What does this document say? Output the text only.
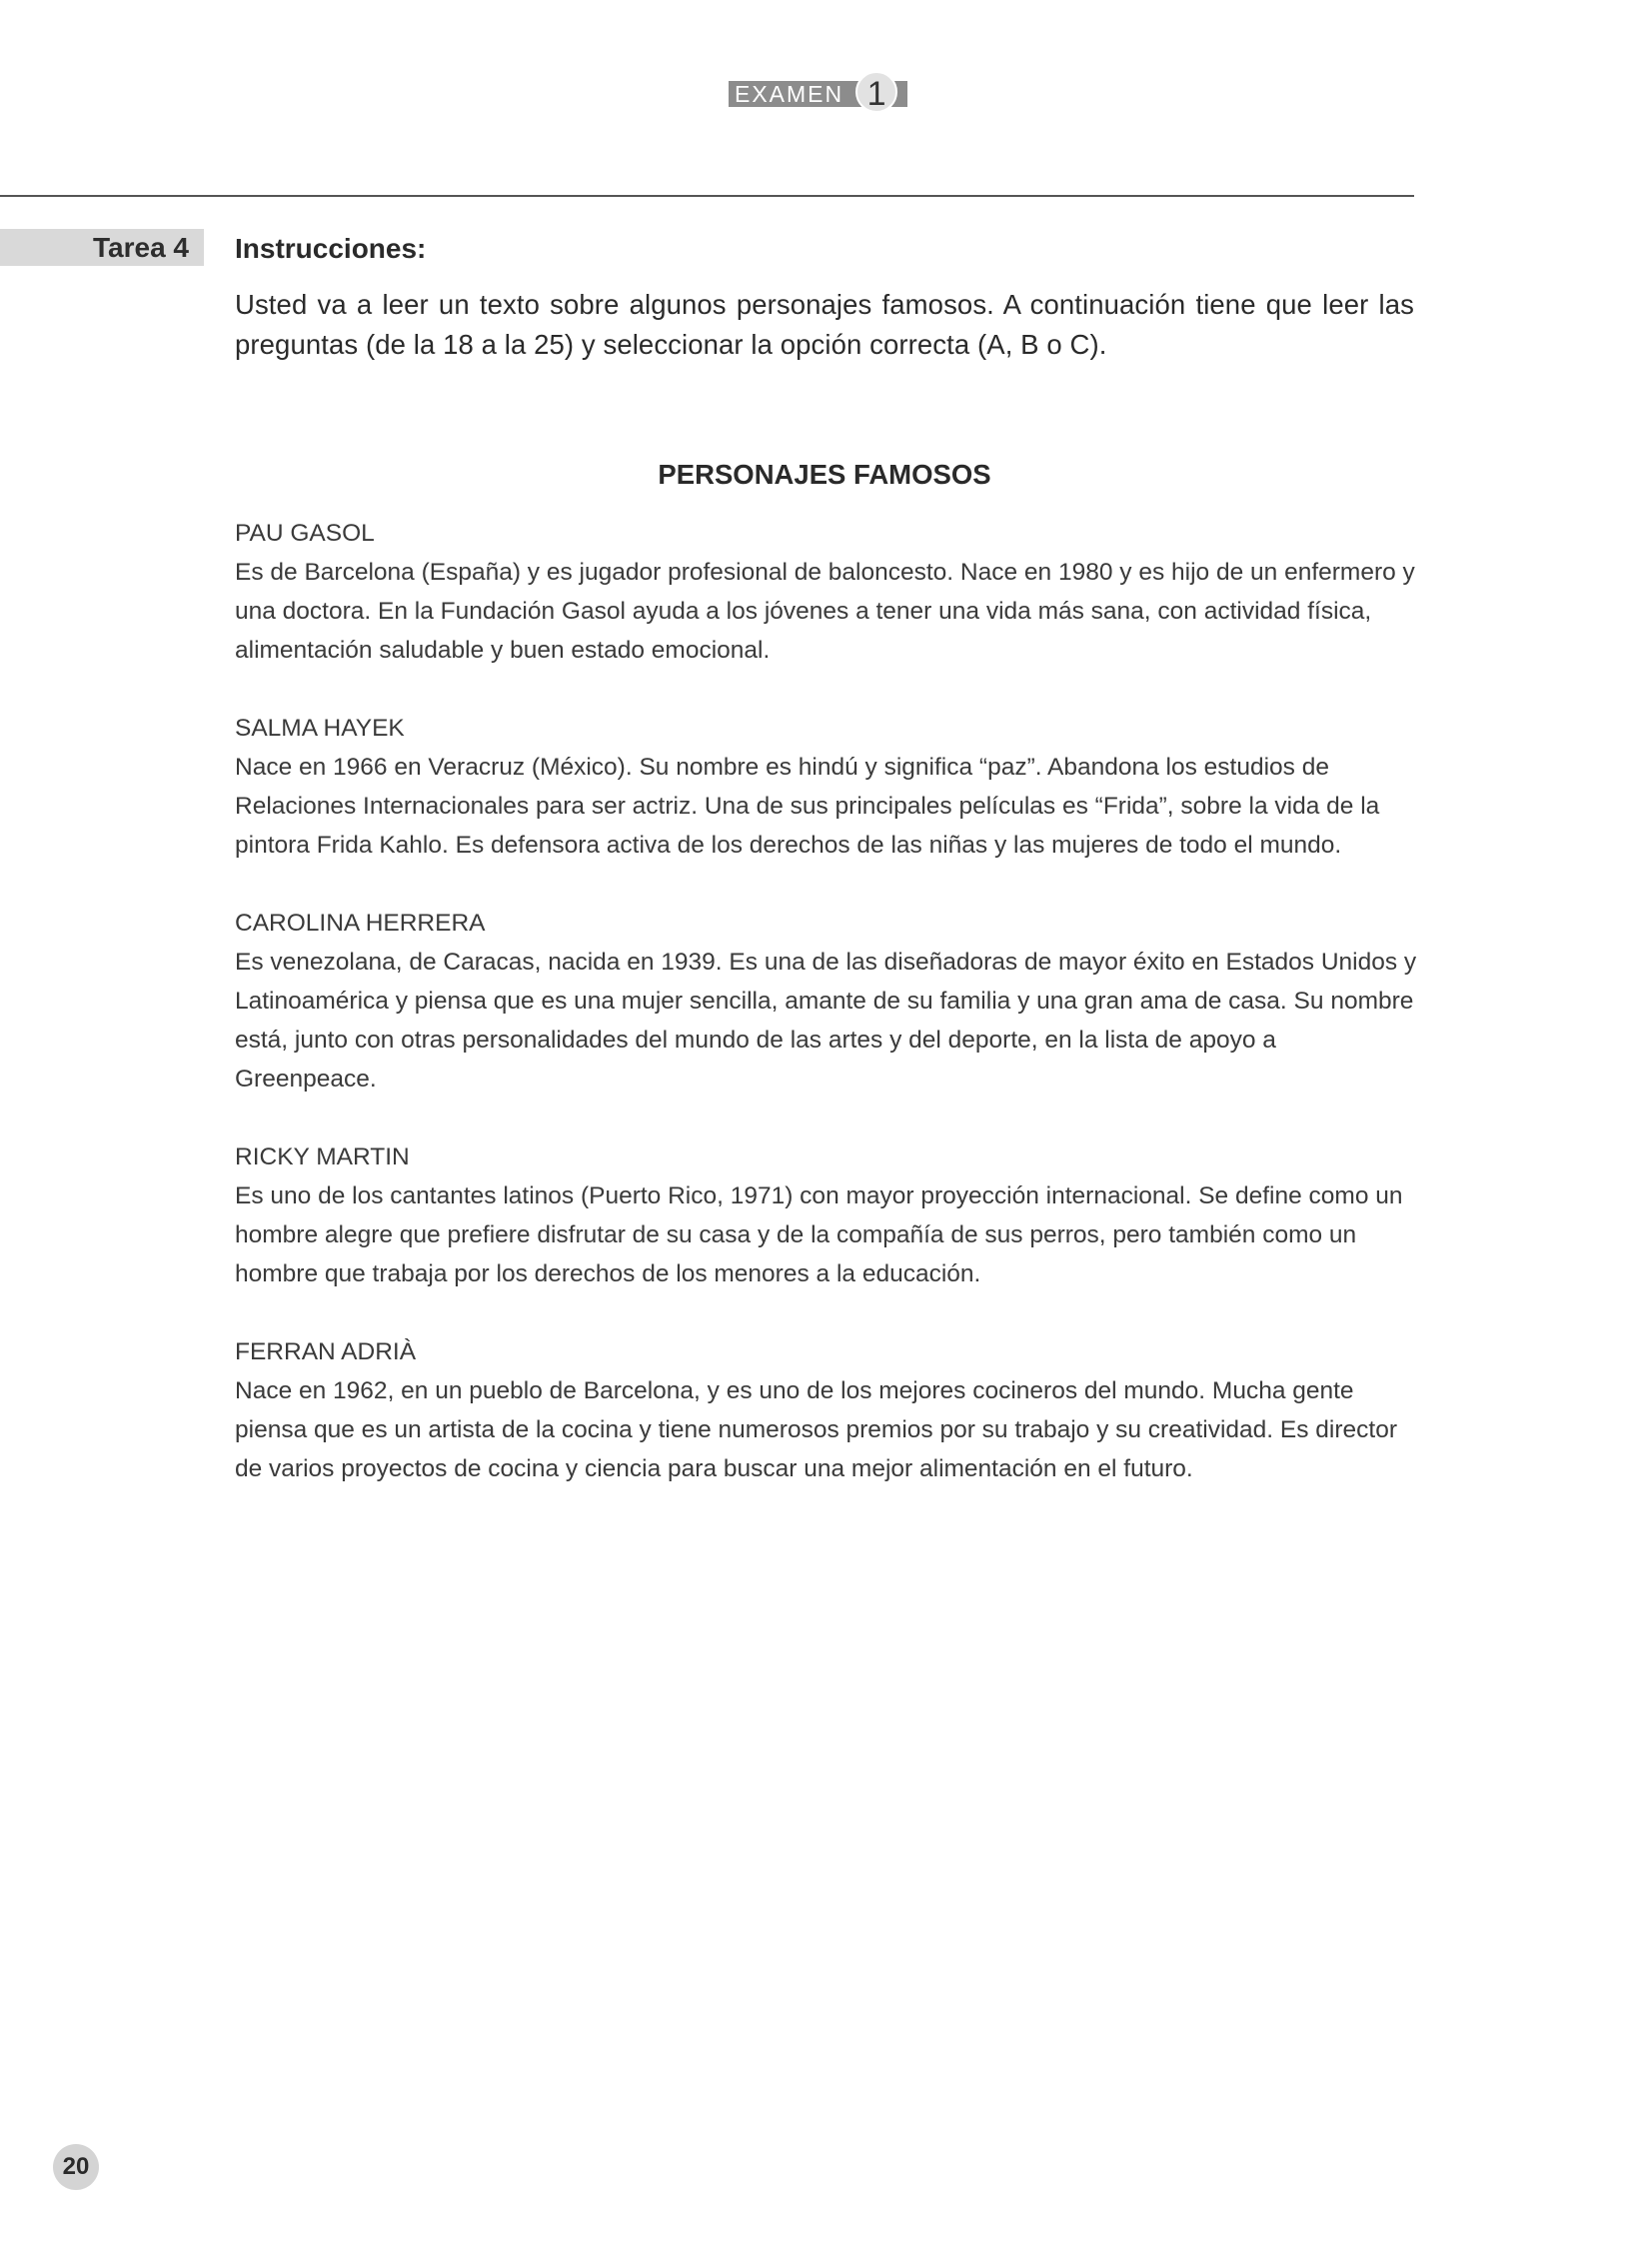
EXAMEN 1
Tarea 4	Instrucciones:
Usted va a leer un texto sobre algunos personajes famosos. A continuación tiene que leer las preguntas (de la 18 a la 25) y seleccionar la opción correcta (A, B o C).
PERSONAJES FAMOSOS
PAU GASOL
Es de Barcelona (España) y es jugador profesional de baloncesto. Nace en 1980 y es hijo de un enfermero y una doctora. En la Fundación Gasol ayuda a los jóvenes a tener una vida más sana, con actividad física, alimentación saludable y buen estado emocional.
SALMA HAYEK
Nace en 1966 en Veracruz (México). Su nombre es hindú y significa “paz”. Abandona los estudios de Relaciones Internacionales para ser actriz. Una de sus principales películas es “Frida”, sobre la vida de la pintora Frida Kahlo. Es defensora activa de los derechos de las niñas y las mujeres de todo el mundo.
CAROLINA HERRERA
Es venezolana, de Caracas, nacida en 1939. Es una de las diseñadoras de mayor éxito en Estados Unidos y Latinoamérica y piensa que es una mujer sencilla, amante de su familia y una gran ama de casa. Su nombre está, junto con otras personalidades del mundo de las artes y del deporte, en la lista de apoyo a Greenpeace.
RICKY MARTIN
Es uno de los cantantes latinos (Puerto Rico, 1971) con mayor proyección internacional. Se define como un hombre alegre que prefiere disfrutar de su casa y de la compañía de sus perros, pero también como un hombre que trabaja por los derechos de los menores a la educación.
FERRAN ADRIÀ
Nace en 1962, en un pueblo de Barcelona, y es uno de los mejores cocineros del mundo. Mucha gente piensa que es un artista de la cocina y tiene numerosos premios por su trabajo y su creatividad. Es director de varios proyectos de cocina y ciencia para buscar una mejor alimentación en el futuro.
20
